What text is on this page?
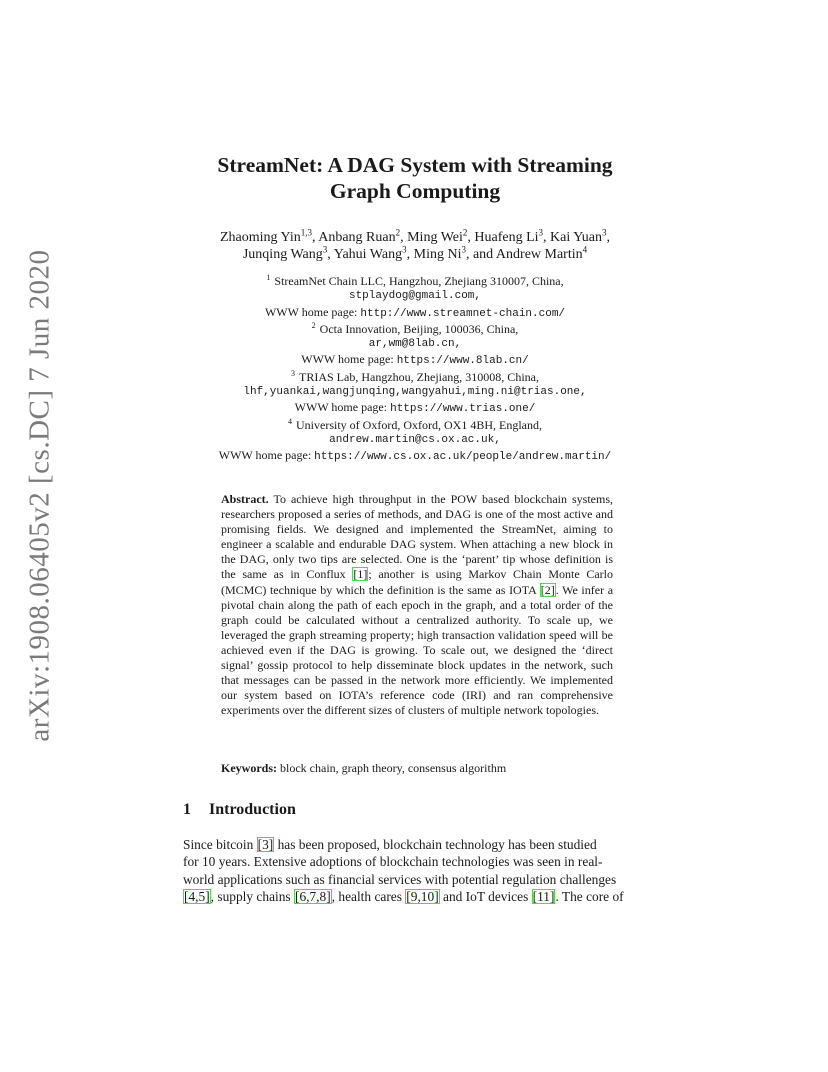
arXiv:1908.06405v2 [cs.DC] 7 Jun 2020
StreamNet: A DAG System with Streaming
Graph Computing
Zhaoming Yin$^{1,3}$, Anbang Ruan$^2$, Ming Wei$^2$, Huafeng Li$^3$, Kai Yuan$^3$,
Junqing Wang$^3$, Yahui Wang$^3$, Ming Ni$^3$, and Andrew Martin$^4$
$^1$ StreamNet Chain LLC, Hangzhou, Zhejiang 310007, China,
stplaydog@gmail.com,
WWW home page: http://www.streamnet-chain.com/
$^2$ Octa Innovation, Beijing, 100036, China,
ar,wm@8lab.cn,
WWW home page: https://www.8lab.cn/
$^3$ TRIAS Lab, Hangzhou, Zhejiang, 310008, China,
lhf,yuankai,wangjunqing,wangyahui,ming.ni@trias.one,
WWW home page: https://www.trias.one/
$^4$ University of Oxford, Oxford, OX1 4BH, England,
andrew.martin@cs.ox.ac.uk,
WWW home page: https://www.cs.ox.ac.uk/people/andrew.martin/
Abstract. To achieve high throughput in the POW based blockchain systems, researchers proposed a series of methods, and DAG is one of the most active and promising fields. We designed and implemented the StreamNet, aiming to engineer a scalable and endurable DAG system. When attaching a new block in the DAG, only two tips are selected. One is the ‘parent’ tip whose definition is the same as in Conflux [1]; another is using Markov Chain Monte Carlo (MCMC) technique by which the definition is the same as IOTA [2]. We infer a pivotal chain along the path of each epoch in the graph, and a total order of the graph could be calculated without a centralized authority. To scale up, we leveraged the graph streaming property; high transaction validation speed will be achieved even if the DAG is growing. To scale out, we designed the ‘direct signal’ gossip protocol to help disseminate block updates in the network, such that messages can be passed in the network more efficiently. We implemented our system based on IOTA’s reference code (IRI) and ran comprehensive experiments over the different sizes of clusters of multiple network topologies.
Keywords: block chain, graph theory, consensus algorithm
1 Introduction
Since bitcoin [3] has been proposed, blockchain technology has been studied
for 10 years. Extensive adoptions of blockchain technologies was seen in real-
world applications such as financial services with potential regulation challenges
[4,5], supply chains [6,7,8], health cares [9,10] and IoT devices [11]. The core of
